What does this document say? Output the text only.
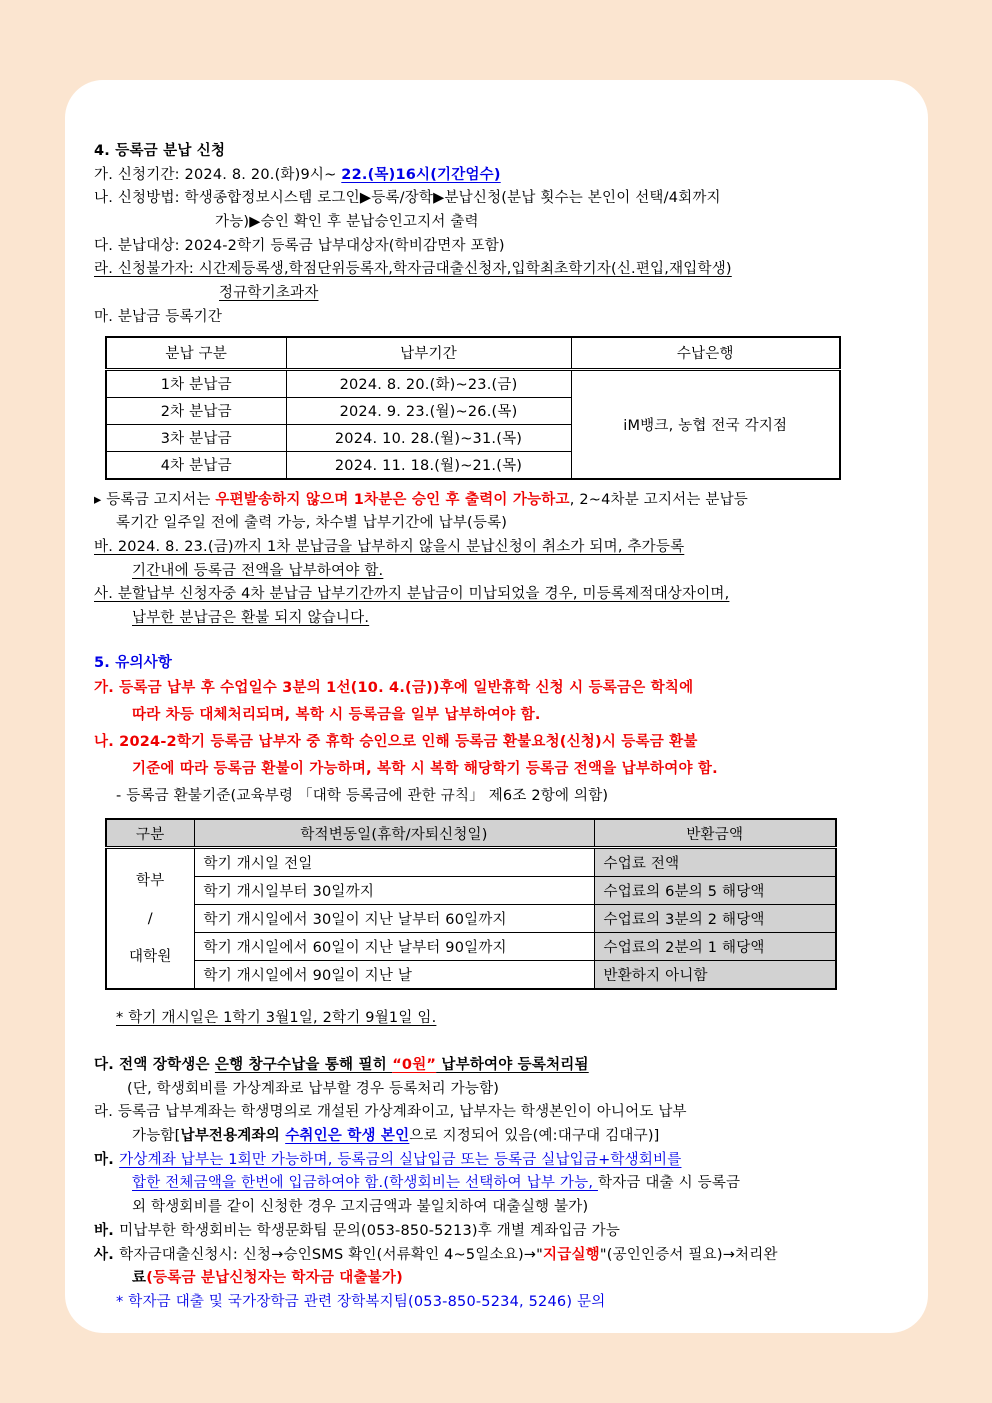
4. 등록금 분납 신청
가. 신청기간: 2024. 8. 20.(화)9시~ 22.(목)16시(기간엄수)
나. 신청방법: 학생종합정보시스템 로그인▶등록/장학▶분납신청(분납 횟수는 본인이 선택/4회까지
가능)▶승인 확인 후 분납승인고지서 출력
다. 분납대상: 2024-2학기 등록금 납부대상자(학비감면자 포함)
라. 신청불가자: 시간제등록생,학점단위등록자,학자금대출신청자,입학최초학기자(신.편입,재입학생)
정규학기초과자
마. 분납금 등록기간
분납 구분	납부기간	수납은행
1차 분납금	2024. 8. 20.(화)~23.(금)	iM뱅크, 농협 전국 각지점
2차 분납금	2024. 9. 23.(월)~26.(목)	
3차 분납금	2024. 10. 28.(월)~31.(목)	
4차 분납금	2024. 11. 18.(월)~21.(목)	
▸ 등록금 고지서는 우편발송하지 않으며 1차분은 승인 후 출력이 가능하고, 2~4차분 고지서는 분납등
록기간 일주일 전에 출력 가능, 차수별 납부기간에 납부(등록)
바. 2024. 8. 23.(금)까지 1차 분납금을 납부하지 않을시 분납신청이 취소가 되며, 추가등록
기간내에 등록금 전액을 납부하여야 함.
사. 분할납부 신청자중 4차 분납금 납부기간까지 분납금이 미납되었을 경우, 미등록제적대상자이며,
납부한 분납금은 환불 되지 않습니다.
5. 유의사항
가. 등록금 납부 후 수업일수 3분의 1선(10. 4.(금))후에 일반휴학 신청 시 등록금은 학칙에
따라 차등 대체처리되며, 복학 시 등록금을 일부 납부하여야 함.
나. 2024-2학기 등록금 납부자 중 휴학 승인으로 인해 등록금 환불요청(신청)시 등록금 환불
기준에 따라 등록금 환불이 가능하며, 복학 시 복학 해당학기 등록금 전액을 납부하여야 함.
- 등록금 환불기준(교육부령 「대학 등록금에 관한 규칙」 제6조 2항에 의함)
구분	학적변동일(휴학/자퇴신청일)	반환금액

학부
/
대학원	학기 개시일 전일	수업료 전액
	학기 개시일부터 30일까지	수업료의 6분의 5 해당액
	학기 개시일에서 30일이 지난 날부터 60일까지	수업료의 3분의 2 해당액
	학기 개시일에서 60일이 지난 날부터 90일까지	수업료의 2분의 1 해당액
	학기 개시일에서 90일이 지난 날	반환하지 아니함
* 학기 개시일은 1학기 3월1일, 2학기 9월1일 임.
다. 전액 장학생은 은행 창구수납을 통해 필히 “0원” 납부하여야 등록처리됨
(단, 학생회비를 가상계좌로 납부할 경우 등록처리 가능함)
라. 등록금 납부계좌는 학생명의로 개설된 가상계좌이고, 납부자는 학생본인이 아니어도 납부
가능함[납부전용계좌의 수취인은 학생 본인으로 지정되어 있음(예:대구대 김대구)]
마. 가상계좌 납부는 1회만 가능하며, 등록금의 실납입금 또는 등록금 실납입금+학생회비를
합한 전체금액을 한번에 입금하여야 함.(학생회비는 선택하여 납부 가능, 학자금 대출 시 등록금
외 학생회비를 같이 신청한 경우 고지금액과 불일치하여 대출실행 불가)
바. 미납부한 학생회비는 학생문화팀 문의(053-850-5213)후 개별 계좌입금 가능
사. 학자금대출신청시: 신청→승인SMS 확인(서류확인 4~5일소요)→"지급실행"(공인인증서 필요)→처리완
료(등록금 분납신청자는 학자금 대출불가)
* 학자금 대출 및 국가장학금 관련 장학복지팀(053-850-5234, 5246) 문의
